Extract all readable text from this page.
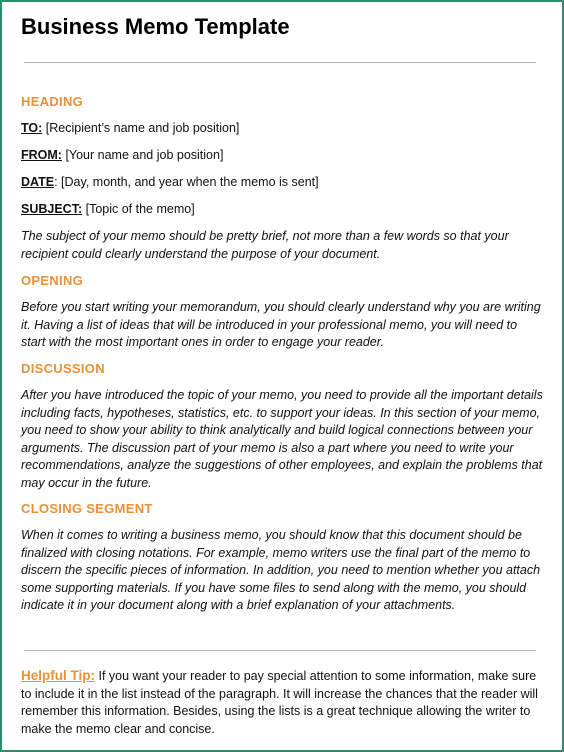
Business Memo Template
HEADING
TO: [Recipient’s name and job position]
FROM: [Your name and job position]
DATE: [Day, month, and year when the memo is sent]
SUBJECT: [Topic of the memo]
The subject of your memo should be pretty brief, not more than a few words so that your recipient could clearly understand the purpose of your document.
OPENING
Before you start writing your memorandum, you should clearly understand why you are writing it. Having a list of ideas that will be introduced in your professional memo, you will need to start with the most important ones in order to engage your reader.
DISCUSSION
After you have introduced the topic of your memo, you need to provide all the important details including facts, hypotheses, statistics, etc. to support your ideas. In this section of your memo, you need to show your ability to think analytically and build logical connections between your arguments. The discussion part of your memo is also a part where you need to write your recommendations, analyze the suggestions of other employees, and explain the problems that may occur in the future.
CLOSING SEGMENT
When it comes to writing a business memo, you should know that this document should be finalized with closing notations. For example, memo writers use the final part of the memo to discern the specific pieces of information. In addition, you need to mention whether you attach some supporting materials. If you have some files to send along with the memo, you should indicate it in your document along with a brief explanation of your attachments.
Helpful Tip: If you want your reader to pay special attention to some information, make sure to include it in the list instead of the paragraph. It will increase the chances that the reader will remember this information. Besides, using the lists is a great technique allowing the writer to make the memo clear and concise.
